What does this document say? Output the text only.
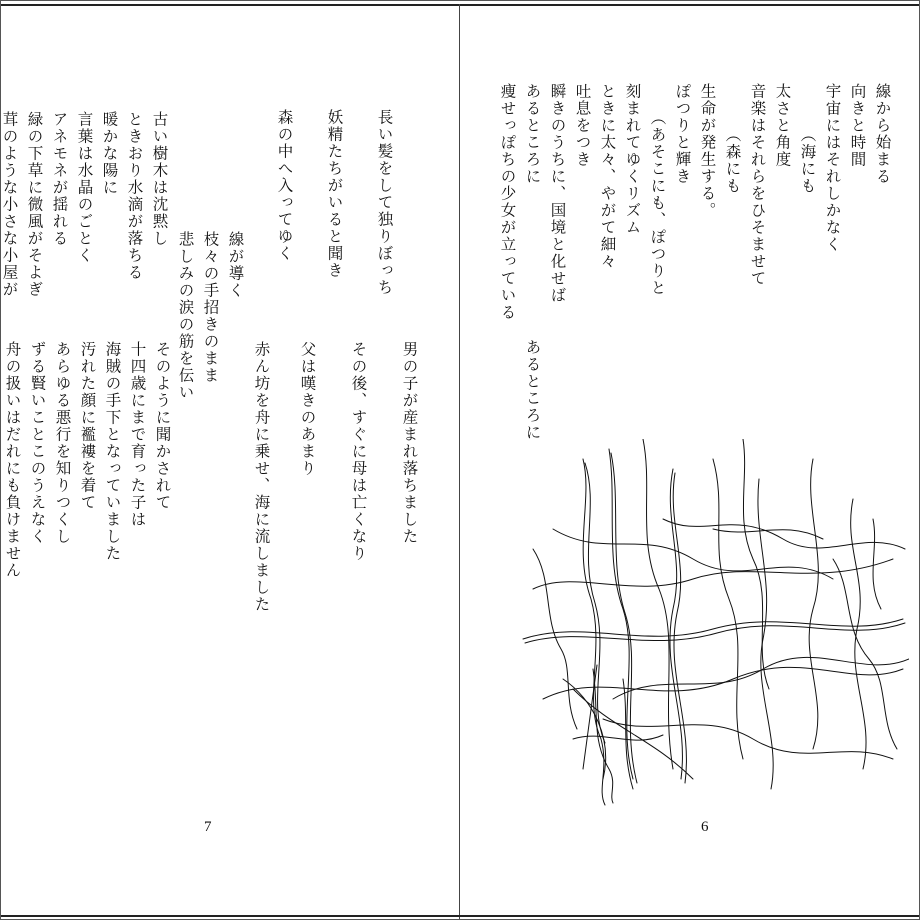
線から始まる
向きと時間
宇宙にはそれしかなく
　　　（海にも
太さと角度
音楽はそれらをひそませて
　　　（森にも
生命が発生する。
ぽつりと輝き
　　（あそこにも、ぽつりと
刻まれてゆくリズム
ときに太々、やがて細々
吐息をつき
瞬きのうちに、国境と化せば
あるところに
痩せっぽちの少女が立っている
あるところに
6
男の子が産まれ落ちました
その後、すぐに母は亡くなり
父は嘆きのあまり
赤ん坊を舟に乗せ、海に流しました
そのように聞かされて
十四歳にまで育った子は
海賊の手下となっていました
汚れた顔に襤褸を着て
あらゆる悪行を知りつくし
ずる賢いことこのうえなく
舟の扱いはだれにも負けません
長い髪をして独りぼっち
妖精たちがいると聞き
森の中へ入ってゆく
線が導く
枝々の手招きのまま
悲しみの涙の筋を伝い
古い樹木は沈黙し
ときおり水滴が落ちる
暖かな陽に
言葉は水晶のごとく
アネモネが揺れる
緑の下草に微風がそよぎ
茸のような小さな小屋が
7
